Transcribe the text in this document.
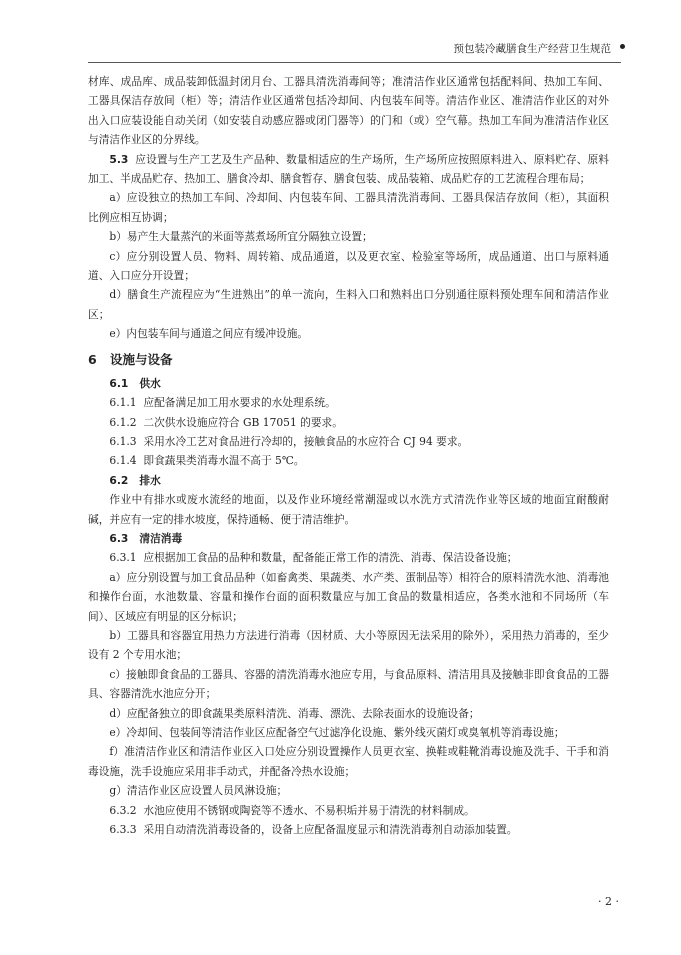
预包装冷藏膳食生产经营卫生规范

材库、成品库、成品装卸低温封闭月台、工器具清洗消毒间等；准清洁作业区通常包括配料间、热加工车间、工器具保洁存放间（柜）等；清洁作业区通常包括冷却间、内包装车间等。清洁作业区、准清洁作业区的对外出入口应装设能自动关闭（如安装自动感应器或闭门器等）的门和（或）空气幕。热加工车间为准清洁作业区与清洁作业区的分界线。

5.3 应设置与生产工艺及生产品种、数量相适应的生产场所，生产场所应按照原料进入、原料贮存、原料加工、半成品贮存、热加工、膳食冷却、膳食暂存、膳食包装、成品装箱、成品贮存的工艺流程合理布局；

a）应设独立的热加工车间、冷却间、内包装车间、工器具清洗消毒间、工器具保洁存放间（柜），其面积比例应相互协调；

b）易产生大量蒸汽的米面等蒸煮场所宜分隔独立设置；

c）应分别设置人员、物料、周转箱、成品通道，以及更衣室、检验室等场所，成品通道、出口与原料通道、入口应分开设置；

d）膳食生产流程应为“生进熟出”的单一流向，生料入口和熟料出口分别通往原料预处理车间和清洁作业区；

e）内包装车间与通道之间应有缓冲设施。

6 设施与设备

6.1 供水

6.1.1 应配备满足加工用水要求的水处理系统。

6.1.2 二次供水设施应符合 GB 17051 的要求。

6.1.3 采用水冷工艺对食品进行冷却的，接触食品的水应符合 CJ 94 要求。

6.1.4 即食蔬果类消毒水温不高于 5℃。

6.2 排水

作业中有排水或废水流经的地面，以及作业环境经常潮湿或以水洗方式清洗作业等区域的地面宜耐酸耐碱，并应有一定的排水坡度，保持通畅、便于清洁维护。

6.3 清洁消毒

6.3.1 应根据加工食品的品种和数量，配备能正常工作的清洗、消毒、保洁设备设施；

a）应分别设置与加工食品品种（如畜禽类、果蔬类、水产类、蛋制品等）相符合的原料清洗水池、消毒池和操作台面，水池数量、容量和操作台面的面积数量应与加工食品的数量相适应，各类水池和不同场所（车间）、区域应有明显的区分标识；

b）工器具和容器宜用热力方法进行消毒（因材质、大小等原因无法采用的除外），采用热力消毒的，至少设有 2 个专用水池；

c）接触即食食品的工器具、容器的清洗消毒水池应专用，与食品原料、清洁用具及接触非即食食品的工器具、容器清洗水池应分开；

d）应配备独立的即食蔬果类原料清洗、消毒、漂洗、去除表面水的设施设备；

e）冷却间、包装间等清洁作业区应配备空气过滤净化设施、紫外线灭菌灯或臭氧机等消毒设施；

f）准清洁作业区和清洁作业区入口处应分别设置操作人员更衣室、换鞋或鞋靴消毒设施及洗手、干手和消毒设施，洗手设施应采用非手动式，并配备冷热水设施；

g）清洁作业区应设置人员风淋设施；

6.3.2 水池应使用不锈钢或陶瓷等不透水、不易积垢并易于清洗的材料制成。

6.3.3 采用自动清洗消毒设备的，设备上应配备温度显示和清洗消毒剂自动添加装置。

· 2 ·
